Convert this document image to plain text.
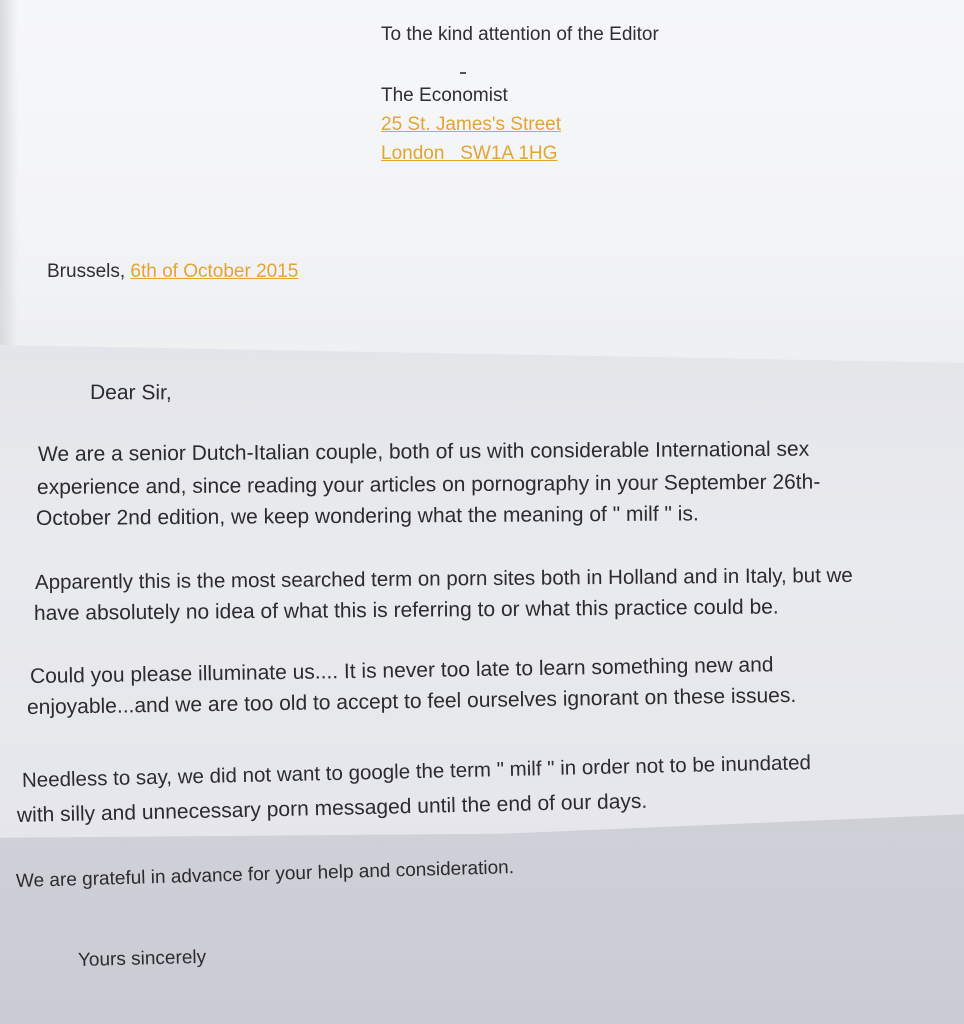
To the kind attention of the Editor
The Economist
25 St. James's Street
London   SW1A 1HG
Brussels, 6th of October 2015
Dear Sir,
We are a senior Dutch-Italian couple, both of us with considerable International sex
experience and, since reading your articles on pornography in your September 26th-
October 2nd edition, we keep wondering what the meaning of " milf " is.
Apparently this is the most searched term on porn sites both in Holland and in Italy, but we
have absolutely no idea of what this is referring to or what this practice could be.
Could you please illuminate us.... It is never too late to learn something new and
enjoyable...and we are too old to accept to feel ourselves ignorant on these issues.
Needless to say, we did not want to google the term " milf " in order not to be inundated
with silly and unnecessary porn messaged until the end of our days.
We are grateful in advance for your help and consideration.
Yours sincerely
